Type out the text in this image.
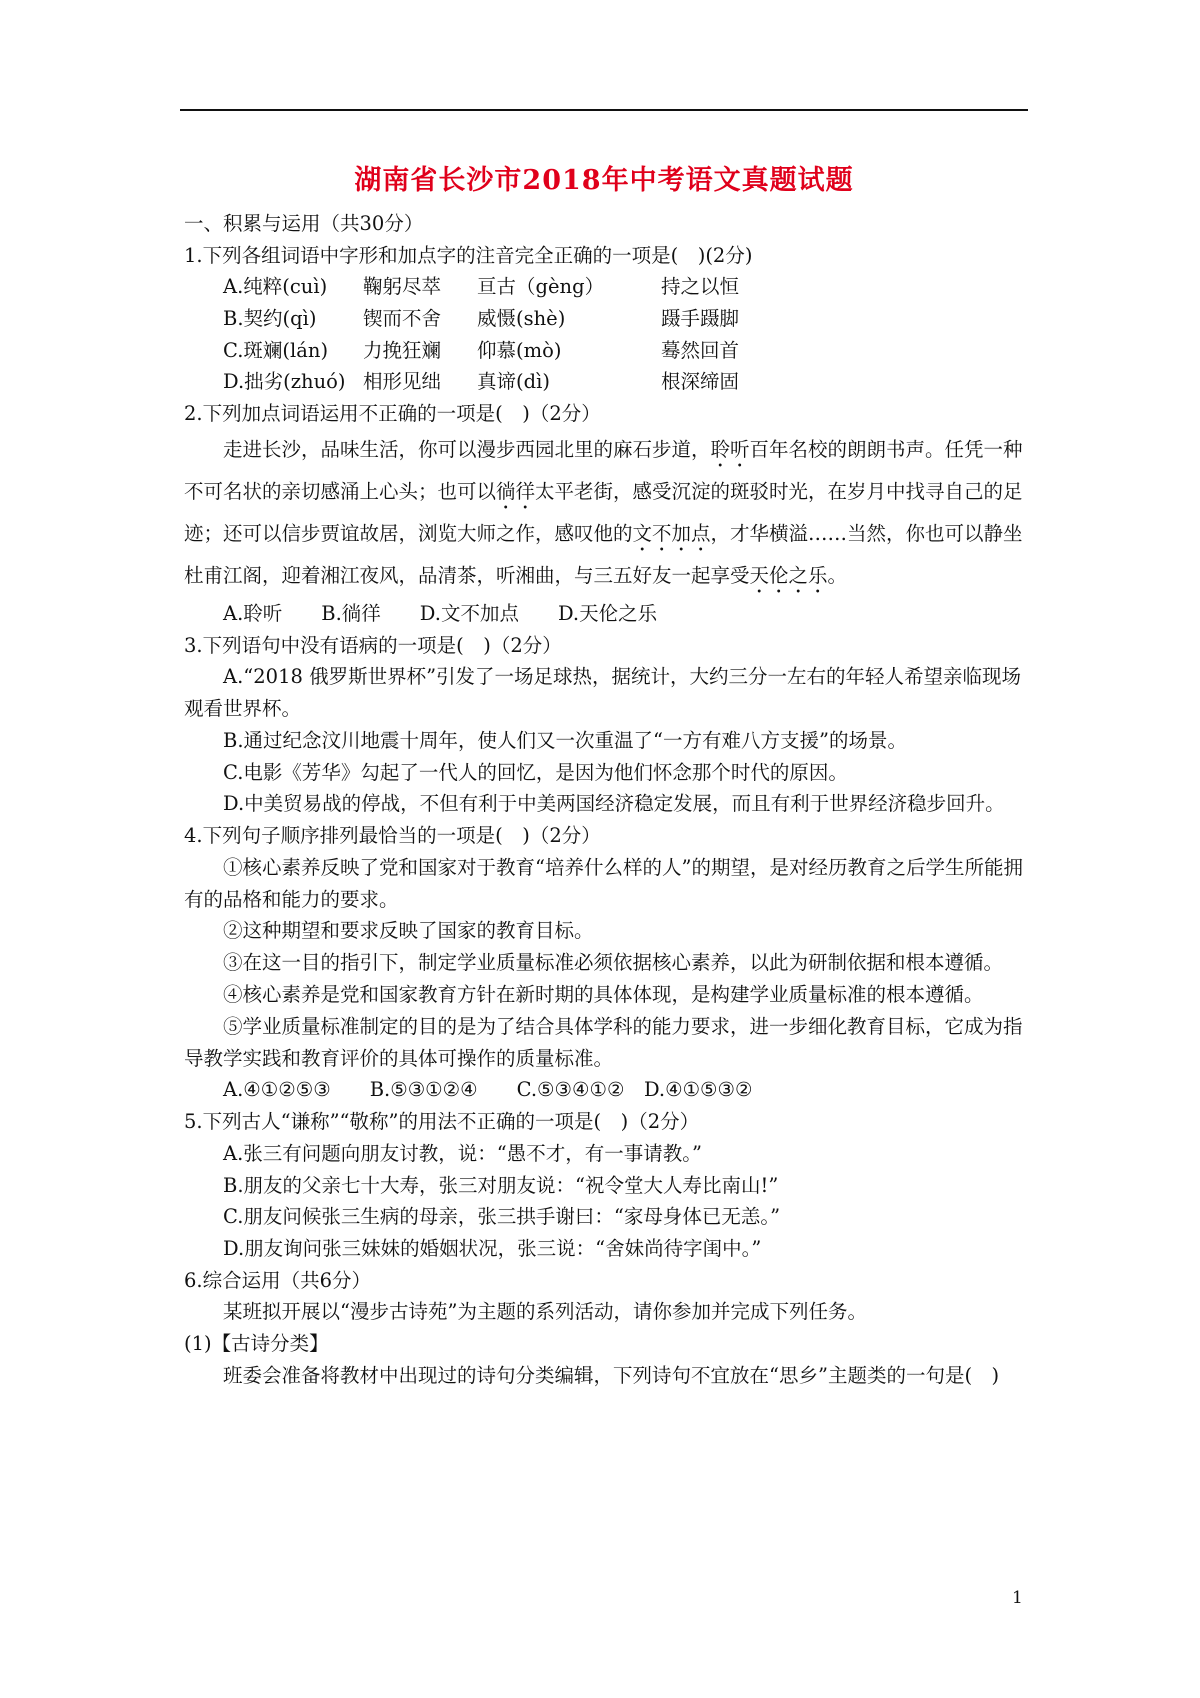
湖南省长沙市2018年中考语文真题试题
一、积累与运用（共30分）
1.下列各组词语中字形和加点字的注音完全正确的一项是(　)(2分)
A.纯粹(cuì)	鞠躬尽萃	亘古（gèng）	持之以恒
B.契约(qì)	锲而不舍	威慑(shè)	蹑手蹑脚
C.斑斓(lán)	力挽狂斓	仰慕(mò)	蓦然回首
D.拙劣(zhuó) 相形见绌	真谛(dì)	根深缔固
2.下列加点词语运用不正确的一项是(　)（2分）
走进长沙，品味生活，你可以漫步西园北里的麻石步道，聆听百年名校的朗朗书声。任凭一种不可名状的亲切感涌上心头；也可以徜徉太平老街，感受沉淀的斑驳时光，在岁月中找寻自己的足迹；还可以信步贾谊故居，浏览大师之作，感叹他的文不加点，才华横溢……当然，你也可以静坐杜甫江阁，迎着湘江夜风，品清茶，听湘曲，与三五好友一起享受天伦之乐。
A.聆听　　B.徜徉　　D.文不加点　　D.天伦之乐
3.下列语句中没有语病的一项是(　)（2分）
A.“2018 俄罗斯世界杯”引发了一场足球热，据统计，大约三分一左右的年轻人希望亲临现场观看世界杯。
B.通过纪念汶川地震十周年，使人们又一次重温了“一方有难八方支援”的场景。
C.电影《芳华》勾起了一代人的回忆，是因为他们怀念那个时代的原因。
D.中美贸易战的停战，不但有利于中美两国经济稳定发展，而且有利于世界经济稳步回升。
4.下列句子顺序排列最恰当的一项是(　)（2分）
①核心素养反映了党和国家对于教育“培养什么样的人”的期望，是对经历教育之后学生所能拥有的品格和能力的要求。
②这种期望和要求反映了国家的教育目标。
③在这一目的指引下，制定学业质量标准必须依据核心素养，以此为研制依据和根本遵循。
④核心素养是党和国家教育方针在新时期的具体体现，是构建学业质量标准的根本遵循。
⑤学业质量标准制定的目的是为了结合具体学科的能力要求，进一步细化教育目标，它成为指导教学实践和教育评价的具体可操作的质量标准。
A.④①②⑤③　　B.⑤③①②④　　C.⑤③④①②　D.④①⑤③②
5.下列古人“谦称”“敬称”的用法不正确的一项是(　)（2分）
A.张三有问题向朋友讨教，说：“愚不才，有一事请教。”
B.朋友的父亲七十大寿，张三对朋友说：“祝令堂大人寿比南山!”
C.朋友问候张三生病的母亲，张三拱手谢曰：“家母身体已无恙。”
D.朋友询问张三妹妹的婚姻状况，张三说：“舍妹尚待字闺中。”
6.综合运用（共6分）
某班拟开展以“漫步古诗苑”为主题的系列活动，请你参加并完成下列任务。
(1)【古诗分类】
班委会准备将教材中出现过的诗句分类编辑，下列诗句不宜放在“思乡”主题类的一句是(　)
1
